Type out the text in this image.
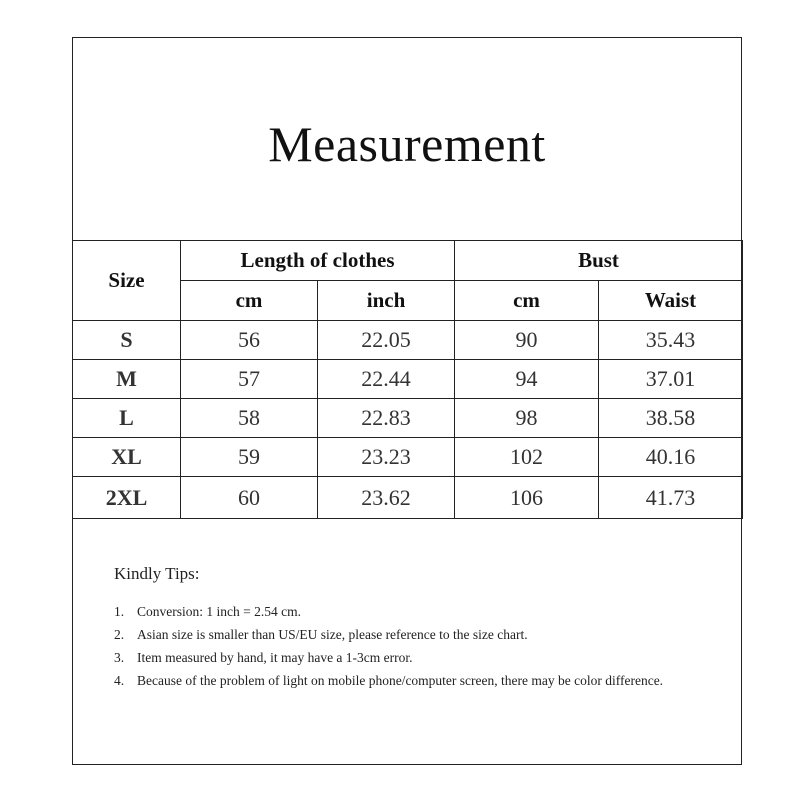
Measurement
Size	Length of clothes		Bust	
	cm	inch	cm	Waist
S	56	22.05	90	35.43
M	57	22.44	94	37.01
L	58	22.83	98	38.58
XL	59	23.23	102	40.16
2XL	60	23.62	106	41.73
Kindly Tips:
1. Conversion: 1 inch = 2.54 cm.
2. Asian size is smaller than US/EU size, please reference to the size chart.
3. Item measured by hand, it may have a 1-3cm error.
4. Because of the problem of light on mobile phone/computer screen, there may be color difference.
